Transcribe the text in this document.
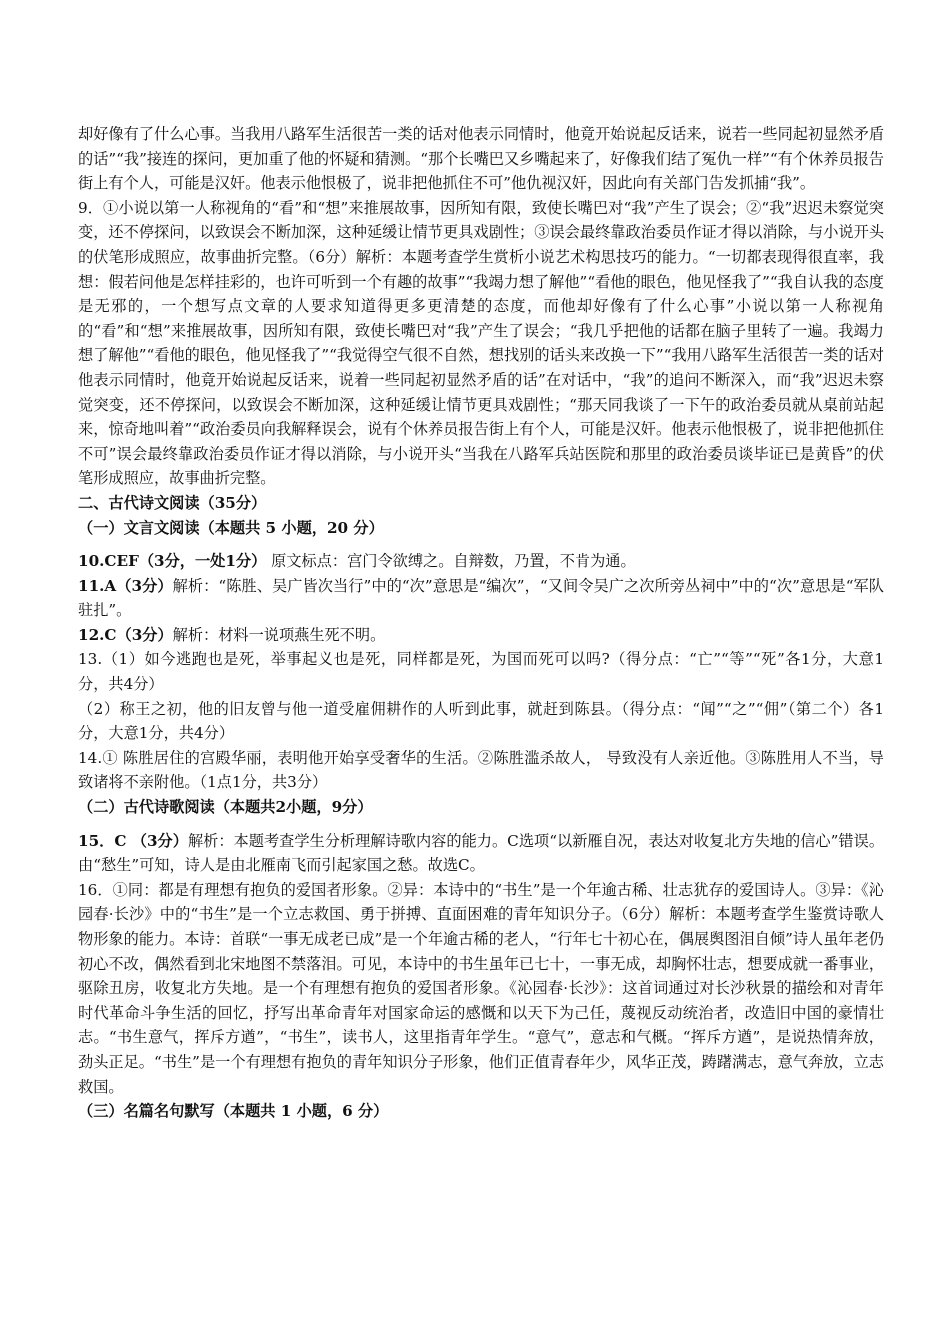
却好像有了什么心事。当我用八路军生活很苦一类的话对他表示同情时，他竟开始说起反话来，说若一些同起初显然矛盾的话”“我”接连的探问，更加重了他的怀疑和猜测。“那个长嘴巴又乡嘴起来了，好像我们结了冤仇一样”“有个休养员报告街上有个人，可能是汉奸。他表示他恨极了，说非把他抓住不可”他仇视汉奸，因此向有关部门告发抓捕“我”。

9．①小说以第一人称视角的“看”和“想”来推展故事，因所知有限，致使长嘴巴对“我”产生了误会；②“我”迟迟未察觉突变，还不停探问，以致误会不断加深，这种延缓让情节更具戏剧性；③误会最终靠政治委员作证才得以消除，与小说开头的伏笔形成照应，故事曲折完整。（6分）解析：本题考查学生赏析小说艺术构思技巧的能力。“一切都表现得很直率，我想：假若问他是怎样挂彩的，也许可听到一个有趣的故事”“我竭力想了解他”“看他的眼色，他见怪我了”“我自认我的态度是无邪的，一个想写点文章的人要求知道得更多更清楚的态度，而他却好像有了什么心事”小说以第一人称视角的“看”和“想”来推展故事，因所知有限，致使长嘴巴对“我”产生了误会；“我几乎把他的话都在脑子里转了一遍。我竭力想了解他”“看他的眼色，他见怪我了”“我觉得空气很不自然，想找别的话头来改换一下”“我用八路军生活很苦一类的话对他表示同情时，他竟开始说起反话来，说着一些同起初显然矛盾的话”在对话中，“我”的追问不断深入，而“我”迟迟未察觉突变，还不停探问，以致误会不断加深，这种延缓让情节更具戏剧性；“那天同我谈了一下午的政治委员就从桌前站起来，惊奇地叫着”“政治委员向我解释误会，说有个休养员报告街上有个人，可能是汉奸。他表示他恨极了，说非把他抓住不可”误会最终靠政治委员作证才得以消除，与小说开头“当我在八路军兵站医院和那里的政治委员谈毕证已是黄昏”的伏笔形成照应，故事曲折完整。

二、古代诗文阅读（35分）

（一）文言文阅读（本题共 5 小题，20 分）

10.CEF（3分，一处1分） 原文标点：宫门令欲缚之。自辩数，乃置，不肯为通。

11.A（3分）解析：“陈胜、吴广皆次当行”中的“次”意思是“编次”，“又间令吴广之次所旁丛祠中”中的“次”意思是“军队驻扎”。

12.C（3分）解析：材料一说项燕生死不明。

13.（1）如今逃跑也是死，举事起义也是死，同样都是死，为国而死可以吗?（得分点：“亡”“等”“死”各1分，大意1分，共4分）

（2）称王之初，他的旧友曾与他一道受雇佣耕作的人听到此事，就赶到陈县。（得分点：“闻”“之”“佣”（第二个）各1分，大意1分，共4分）

14.① 陈胜居住的宫殿华丽，表明他开始享受奢华的生活。②陈胜滥杀故人， 导致没有人亲近他。③陈胜用人不当，导致诸将不亲附他。（1点1分，共3分）

（二）古代诗歌阅读（本题共2小题，9分）

15．C （3分）解析：本题考查学生分析理解诗歌内容的能力。C选项“以新雁自况，表达对收复北方失地的信心”错误。由“愁生”可知，诗人是由北雁南飞而引起家国之愁。故选C。

16．①同：都是有理想有抱负的爱国者形象。②异：本诗中的“书生”是一个年逾古稀、壮志犹存的爱国诗人。③异：《沁园春·长沙》中的“书生”是一个立志救国、勇于拼搏、直面困难的青年知识分子。（6分）解析：本题考查学生鉴赏诗歌人物形象的能力。本诗：首联“一事无成老已成”是一个年逾古稀的老人，“行年七十初心在，偶展舆图泪自倾”诗人虽年老仍初心不改，偶然看到北宋地图不禁落泪。可见，本诗中的书生虽年已七十，一事无成，却胸怀壮志，想要成就一番事业，驱除丑房，收复北方失地。是一个有理想有抱负的爱国者形象。《沁园春·长沙》：这首词通过对长沙秋景的描绘和对青年时代革命斗争生活的回忆，抒写出革命青年对国家命运的感慨和以天下为己任，蔑视反动统治者，改造旧中国的豪情壮志。“书生意气，挥斥方遒”，“书生”，读书人，这里指青年学生。“意气”，意志和气概。“挥斥方遒”，是说热情奔放，劲头正足。“书生”是一个有理想有抱负的青年知识分子形象，他们正值青春年少，风华正茂，踌躇满志，意气奔放，立志救国。

（三）名篇名句默写（本题共 1 小题，6 分）
